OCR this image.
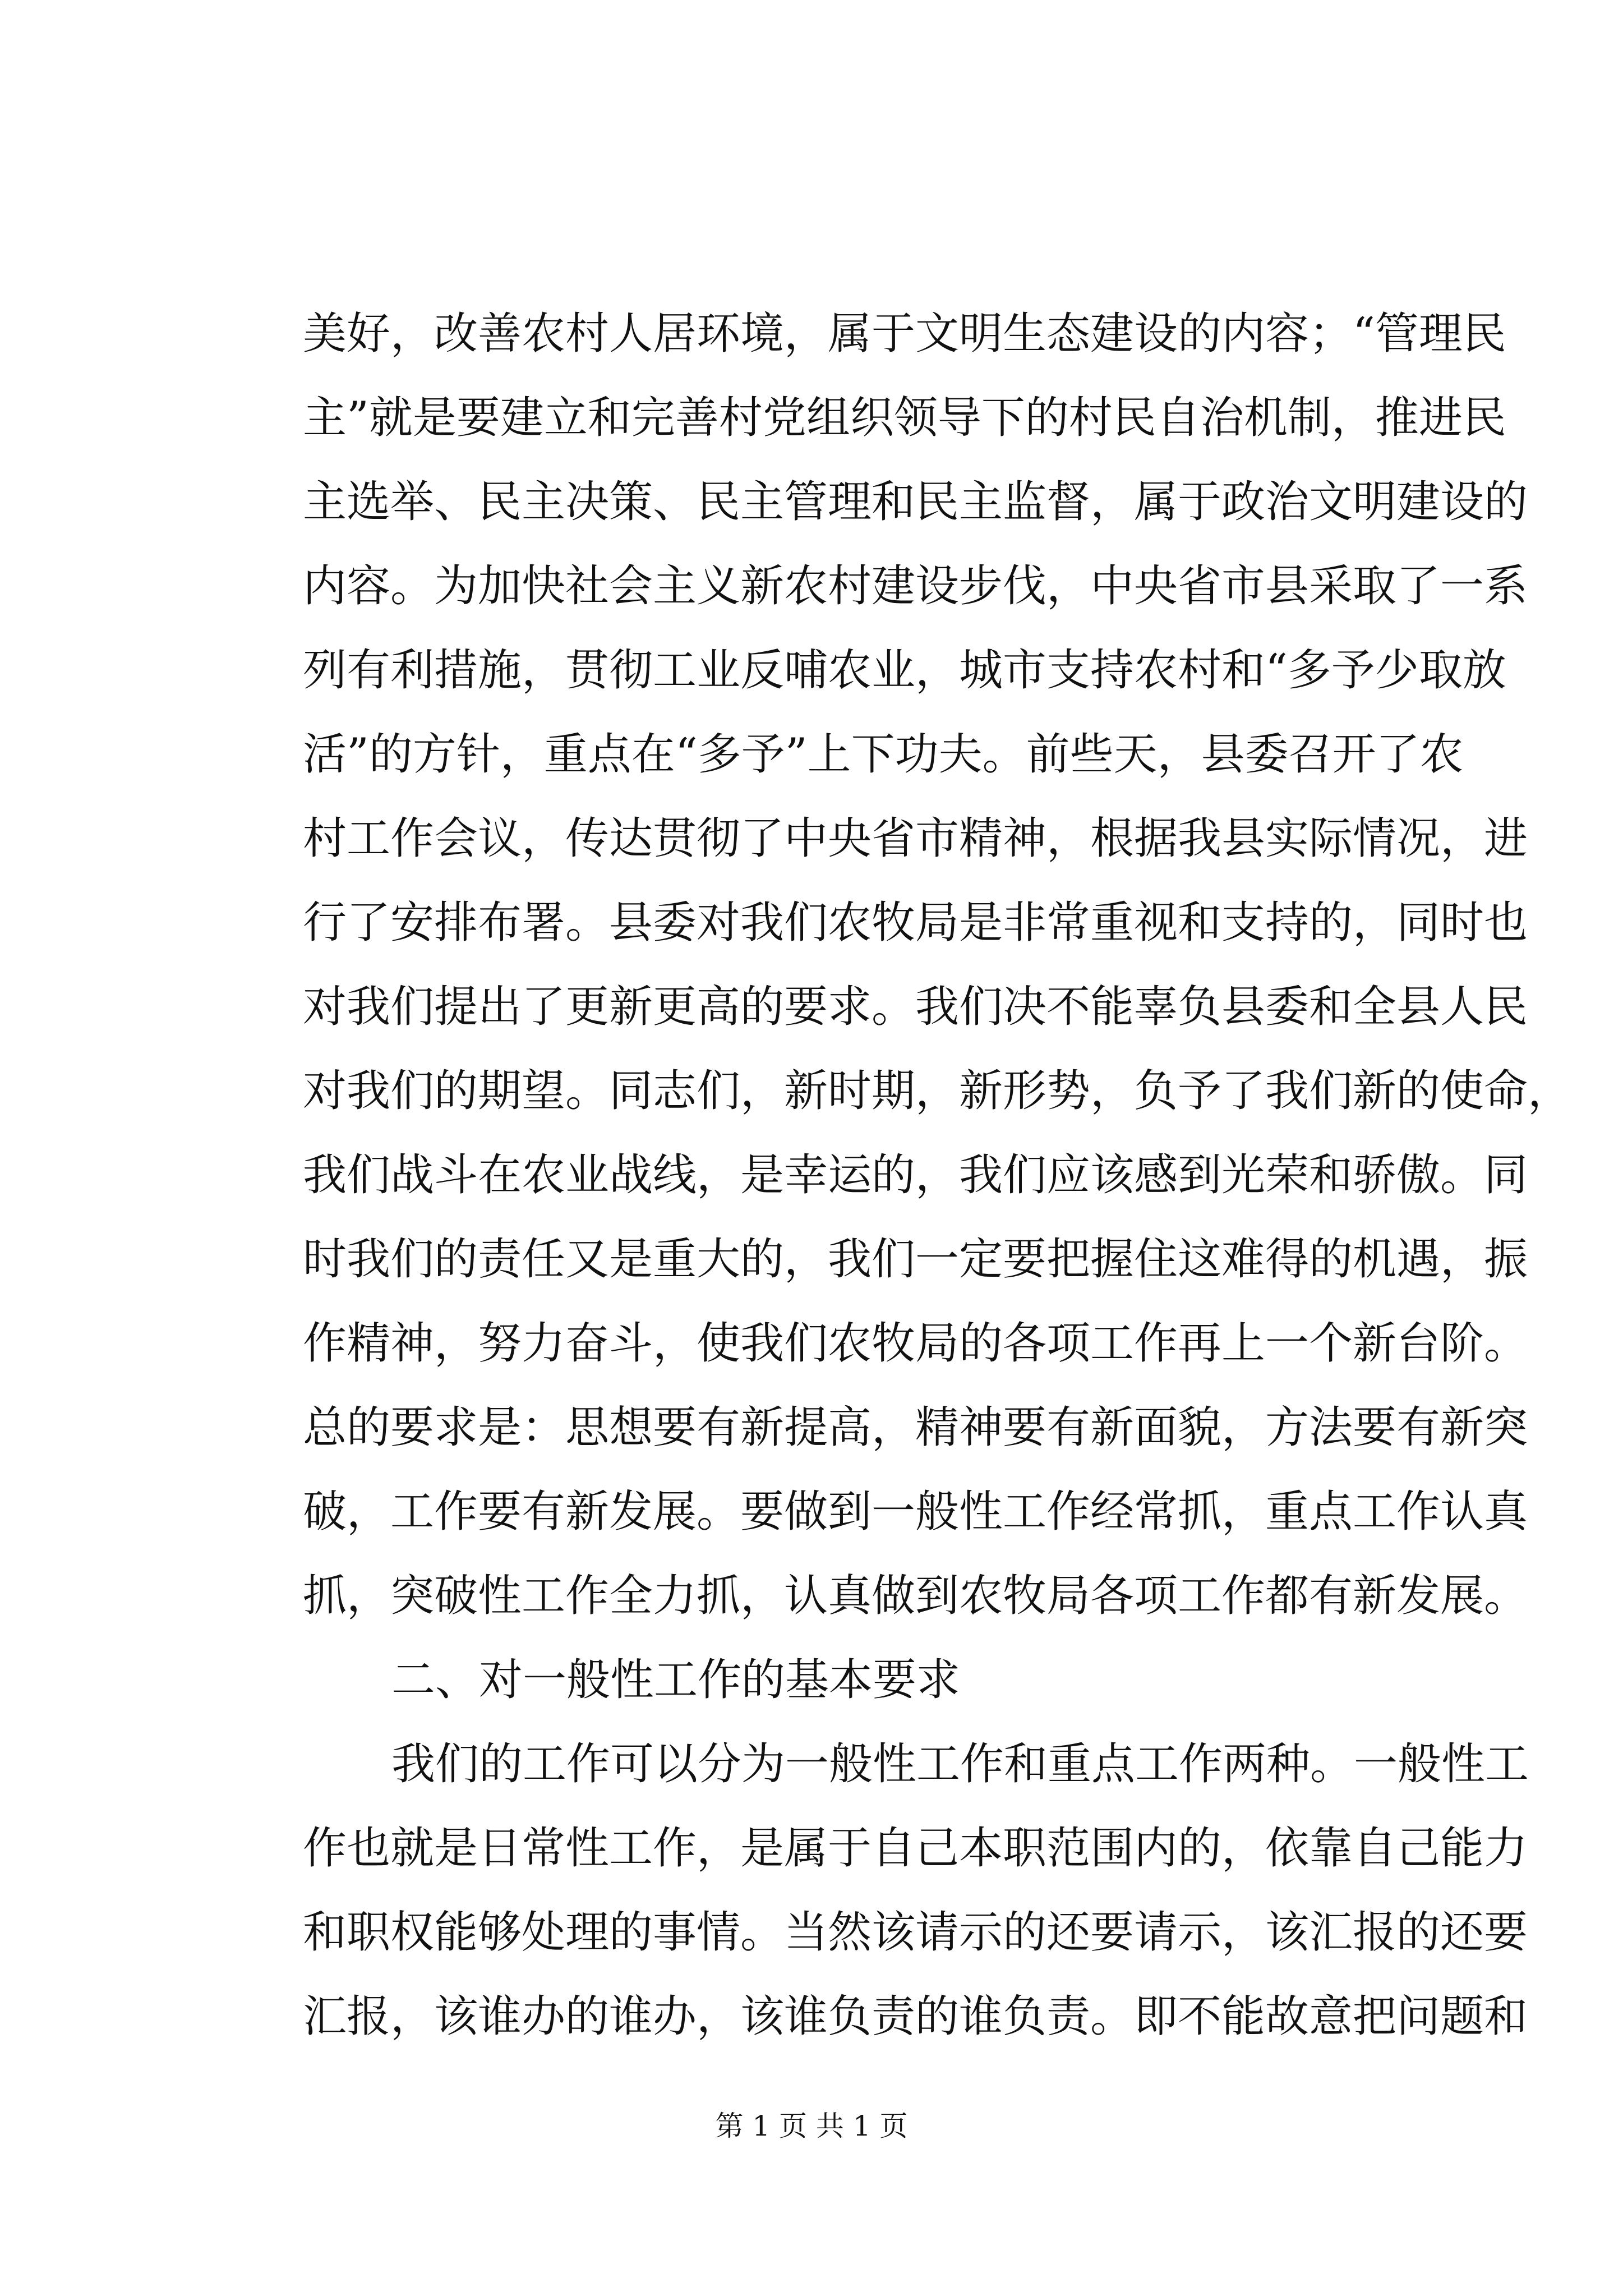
美好，改善农村人居环境，属于文明生态建设的内容；“管理民
主”就是要建立和完善村党组织领导下的村民自治机制，推进民
主选举、民主决策、民主管理和民主监督，属于政治文明建设的
内容。为加快社会主义新农村建设步伐，中央省市县采取了一系
列有利措施，贯彻工业反哺农业，城市支持农村和“多予少取放
活”的方针，重点在“多予”上下功夫。前些天，县委召开了农
村工作会议，传达贯彻了中央省市精神，根据我县实际情况，进
行了安排布署。县委对我们农牧局是非常重视和支持的，同时也
对我们提出了更新更高的要求。我们决不能辜负县委和全县人民
对我们的期望。同志们，新时期，新形势，负予了我们新的使命，
我们战斗在农业战线，是幸运的，我们应该感到光荣和骄傲。同
时我们的责任又是重大的，我们一定要把握住这难得的机遇，振
作精神，努力奋斗，使我们农牧局的各项工作再上一个新台阶。
总的要求是：思想要有新提高，精神要有新面貌，方法要有新突
破，工作要有新发展。要做到一般性工作经常抓，重点工作认真
抓，突破性工作全力抓，认真做到农牧局各项工作都有新发展。
二、对一般性工作的基本要求
我们的工作可以分为一般性工作和重点工作两种。一般性工
作也就是日常性工作，是属于自己本职范围内的，依靠自己能力
和职权能够处理的事情。当然该请示的还要请示，该汇报的还要
汇报，该谁办的谁办，该谁负责的谁负责。即不能故意把问题和
第 1 页 共 1 页
